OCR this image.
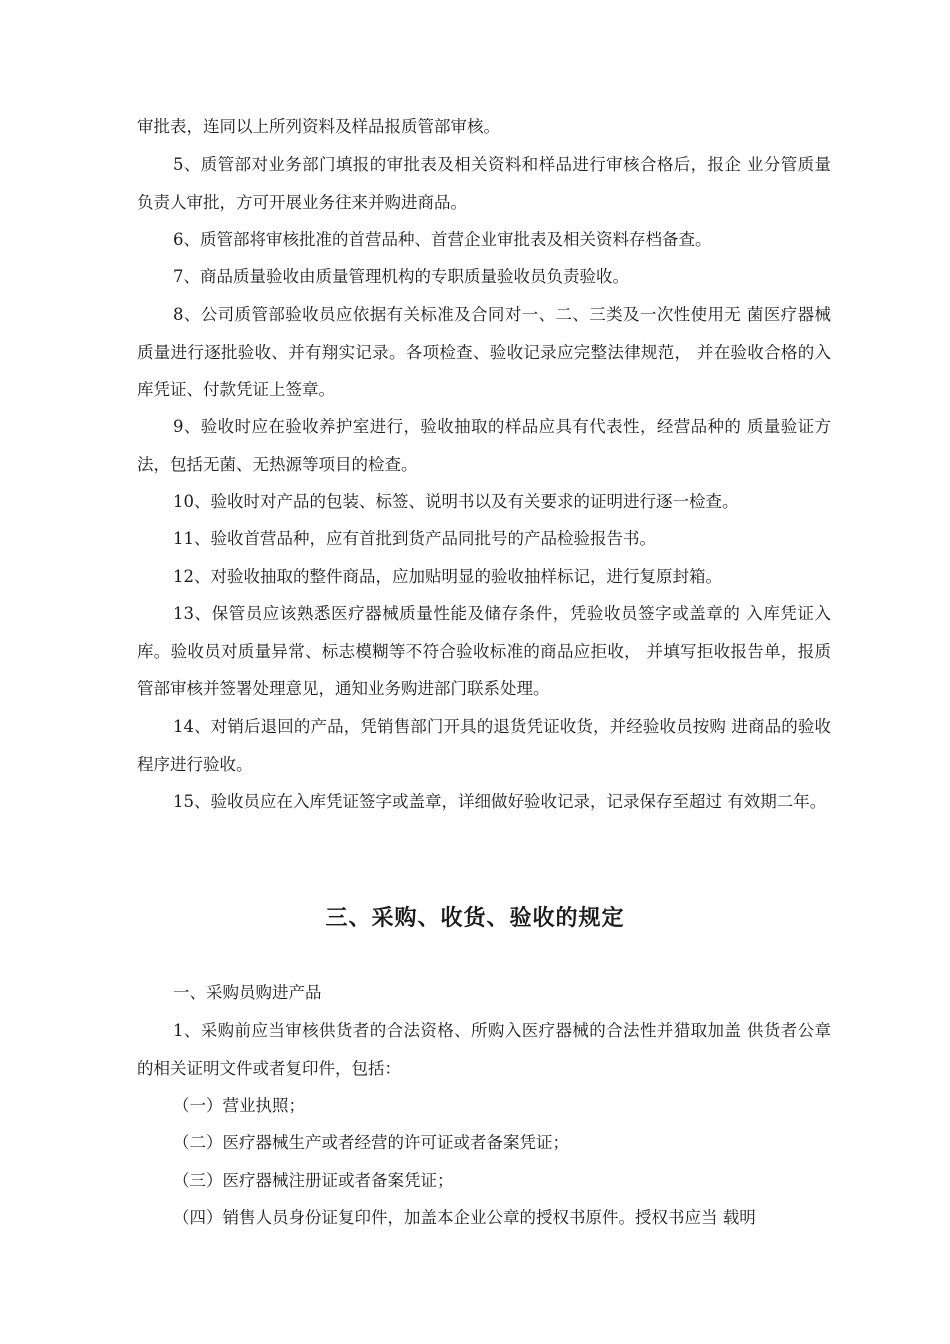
审批表，连同以上所列资料及样品报质管部审核。

5、质管部对业务部门填报的审批表及相关资料和样品进行审核合格后，报企 业分管质量负责人审批，方可开展业务往来并购进商品。

6、质管部将审核批准的首营品种、首营企业审批表及相关资料存档备查。

7、商品质量验收由质量管理机构的专职质量验收员负责验收。

8、公司质管部验收员应依据有关标准及合同对一、二、三类及一次性使用无 菌医疗器械质量进行逐批验收、并有翔实记录。各项检查、验收记录应完整法律规范， 并在验收合格的入库凭证、付款凭证上签章。

9、验收时应在验收养护室进行，验收抽取的样品应具有代表性，经营品种的 质量验证方法，包括无菌、无热源等项目的检查。

10、验收时对产品的包装、标签、说明书以及有关要求的证明进行逐一检查。

11、验收首营品种，应有首批到货产品同批号的产品检验报告书。

12、对验收抽取的整件商品，应加贴明显的验收抽样标记，进行复原封箱。

13、保管员应该熟悉医疗器械质量性能及储存条件，凭验收员签字或盖章的 入库凭证入库。验收员对质量异常、标志模糊等不符合验收标准的商品应拒收， 并填写拒收报告单，报质管部审核并签署处理意见，通知业务购进部门联系处理。

14、对销后退回的产品，凭销售部门开具的退货凭证收货，并经验收员按购 进商品的验收程序进行验收。

15、验收员应在入库凭证签字或盖章，详细做好验收记录，记录保存至超过 有效期二年。

三、采购、收货、验收的规定

一、采购员购进产品

1、采购前应当审核供货者的合法资格、所购入医疗器械的合法性并猎取加盖 供货者公章的相关证明文件或者复印件，包括：

（一）营业执照；

（二）医疗器械生产或者经营的许可证或者备案凭证；

（三）医疗器械注册证或者备案凭证；

（四）销售人员身份证复印件，加盖本企业公章的授权书原件。授权书应当 载明
